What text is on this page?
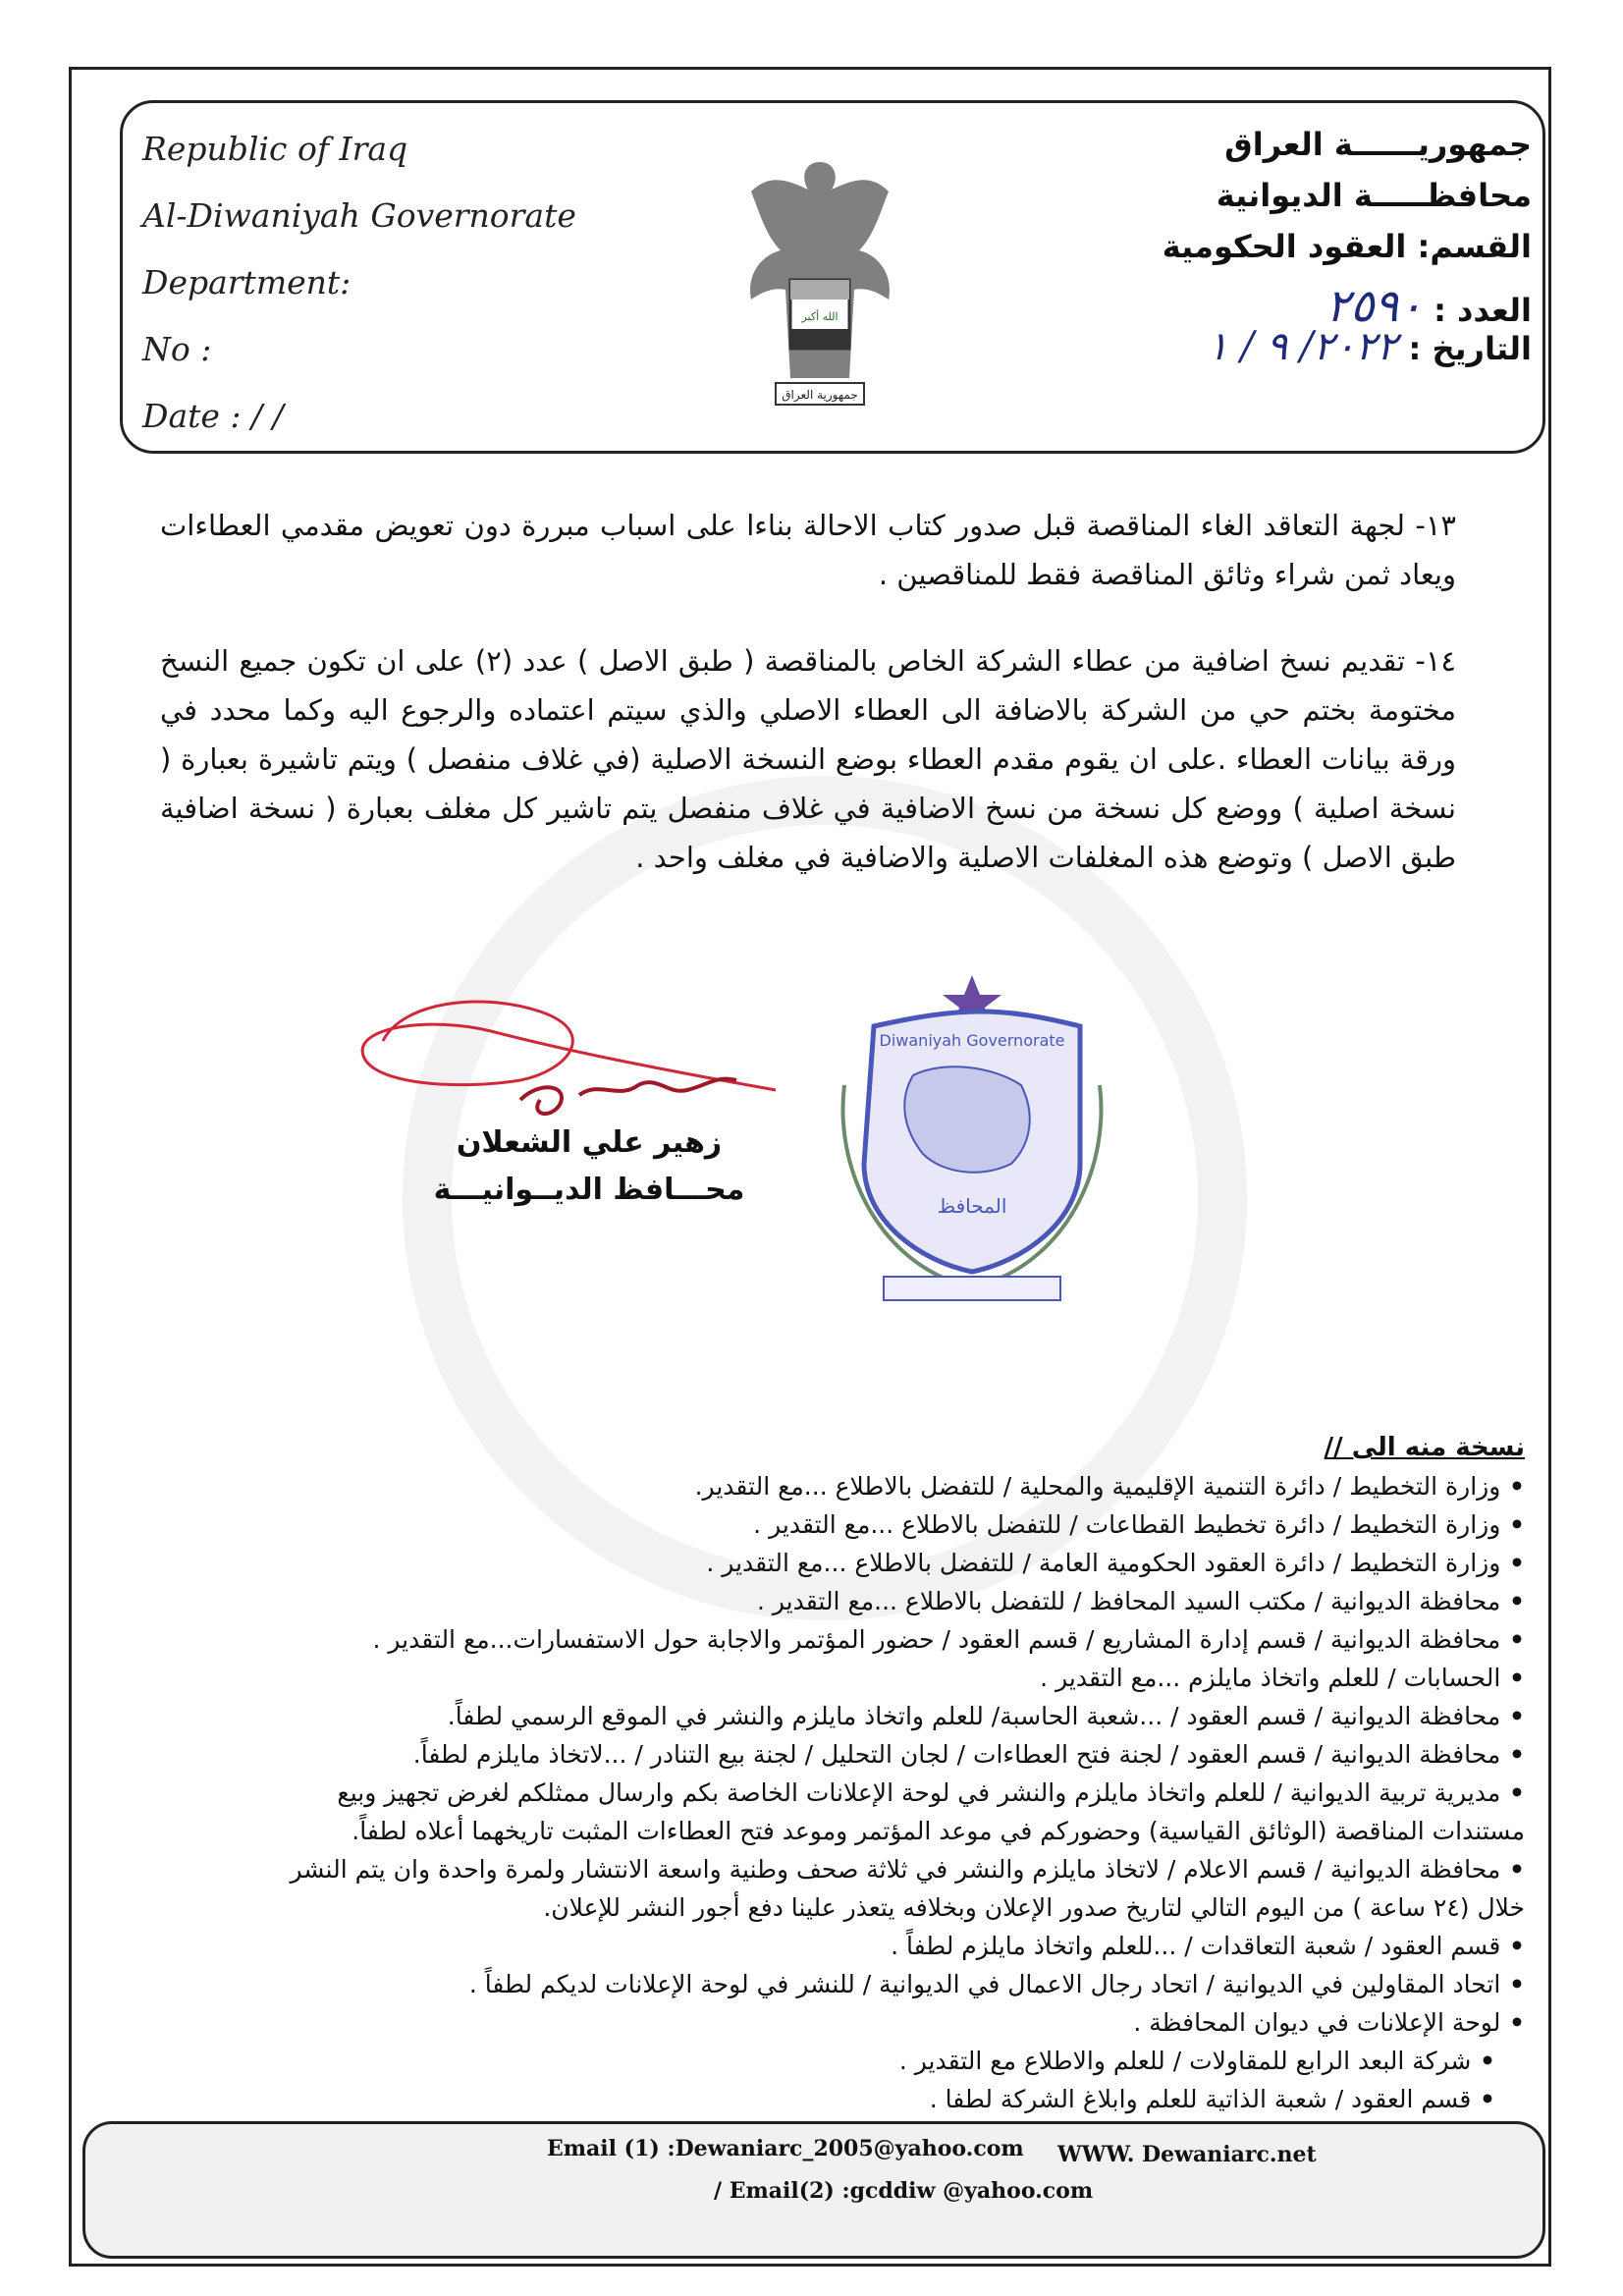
Republic of Iraq
Al-Diwaniyah Governorate
Department:
No :
Date : / /
الله أكبر
جمهورية العراق
جمهوريــــــة العراق
محافظـــــة الديوانية
القسم: العقود الحكومية
العدد : ٢٥٩٠
التاريخ : ٢٠٢٢/ ٩ / ١
١٣- لجهة التعاقد الغاء المناقصة قبل صدور كتاب الاحالة بناءا على اسباب مبررة دون تعويض مقدمي العطاءات ويعاد ثمن شراء وثائق المناقصة فقط للمناقصين .
١٤- تقديم نسخ اضافية من عطاء الشركة الخاص بالمناقصة ( طبق الاصل ) عدد (٢) على ان تكون جميع النسخ مختومة بختم حي من الشركة بالاضافة الى العطاء الاصلي والذي سيتم اعتماده والرجوع اليه وكما محدد في ورقة بيانات العطاء .على ان يقوم مقدم العطاء بوضع النسخة الاصلية (في غلاف منفصل ) ويتم تاشيرة بعبارة ( نسخة اصلية ) ووضع كل نسخة من نسخ الاضافية في غلاف منفصل يتم تاشير كل مغلف بعبارة ( نسخة اضافية طبق الاصل ) وتوضع هذه المغلفات الاصلية والاضافية في مغلف واحد .
زهير علي الشعلان
محـــافظ الديــوانيـــة
Diwaniyah Governorate
المحافظ
نسخة منه الى //
• وزارة التخطيط / دائرة التنمية الإقليمية والمحلية / للتفضل بالاطلاع ...مع التقدير.
• وزارة التخطيط / دائرة تخطيط القطاعات / للتفضل بالاطلاع ...مع التقدير .
• وزارة التخطيط / دائرة العقود الحكومية العامة / للتفضل بالاطلاع ...مع التقدير .
• محافظة الديوانية / مكتب السيد المحافظ / للتفضل بالاطلاع ...مع التقدير .
• محافظة الديوانية / قسم إدارة المشاريع / قسم العقود / حضور المؤتمر والاجابة حول الاستفسارات...مع التقدير .
• الحسابات / للعلم واتخاذ مايلزم ...مع التقدير .
• محافظة الديوانية / قسم العقود / ...شعبة الحاسبة/ للعلم واتخاذ مايلزم والنشر في الموقع الرسمي لطفاً.
• محافظة الديوانية / قسم العقود / لجنة فتح العطاءات / لجان التحليل / لجنة بيع التنادر / ...لاتخاذ مايلزم لطفاً.
• مديرية تربية الديوانية / للعلم واتخاذ مايلزم والنشر في لوحة الإعلانات الخاصة بكم وارسال ممثلكم لغرض تجهيز وبيع
مستندات المناقصة (الوثائق القياسية) وحضوركم في موعد المؤتمر وموعد فتح العطاءات المثبت تاريخهما أعلاه لطفاً.
• محافظة الديوانية / قسم الاعلام / لاتخاذ مايلزم والنشر في ثلاثة صحف وطنية واسعة الانتشار ولمرة واحدة وان يتم النشر
خلال (٢٤ ساعة ) من اليوم التالي لتاريخ صدور الإعلان وبخلافه يتعذر علينا دفع أجور النشر للإعلان.
• قسم العقود / شعبة التعاقدات / ...للعلم واتخاذ مايلزم لطفاً .
• اتحاد المقاولين في الديوانية / اتحاد رجال الاعمال في الديوانية / للنشر في لوحة الإعلانات لديكم لطفاً .
• لوحة الإعلانات في ديوان المحافظة .
• شركة البعد الرابع للمقاولات / للعلم والاطلاع مع التقدير .
• قسم العقود / شعبة الذاتية للعلم وابلاغ الشركة لطفا .
Email (1) :Dewaniarc_2005@yahoo.com WWW. Dewaniarc.net
/ Email(2) :gcddiw @yahoo.com
